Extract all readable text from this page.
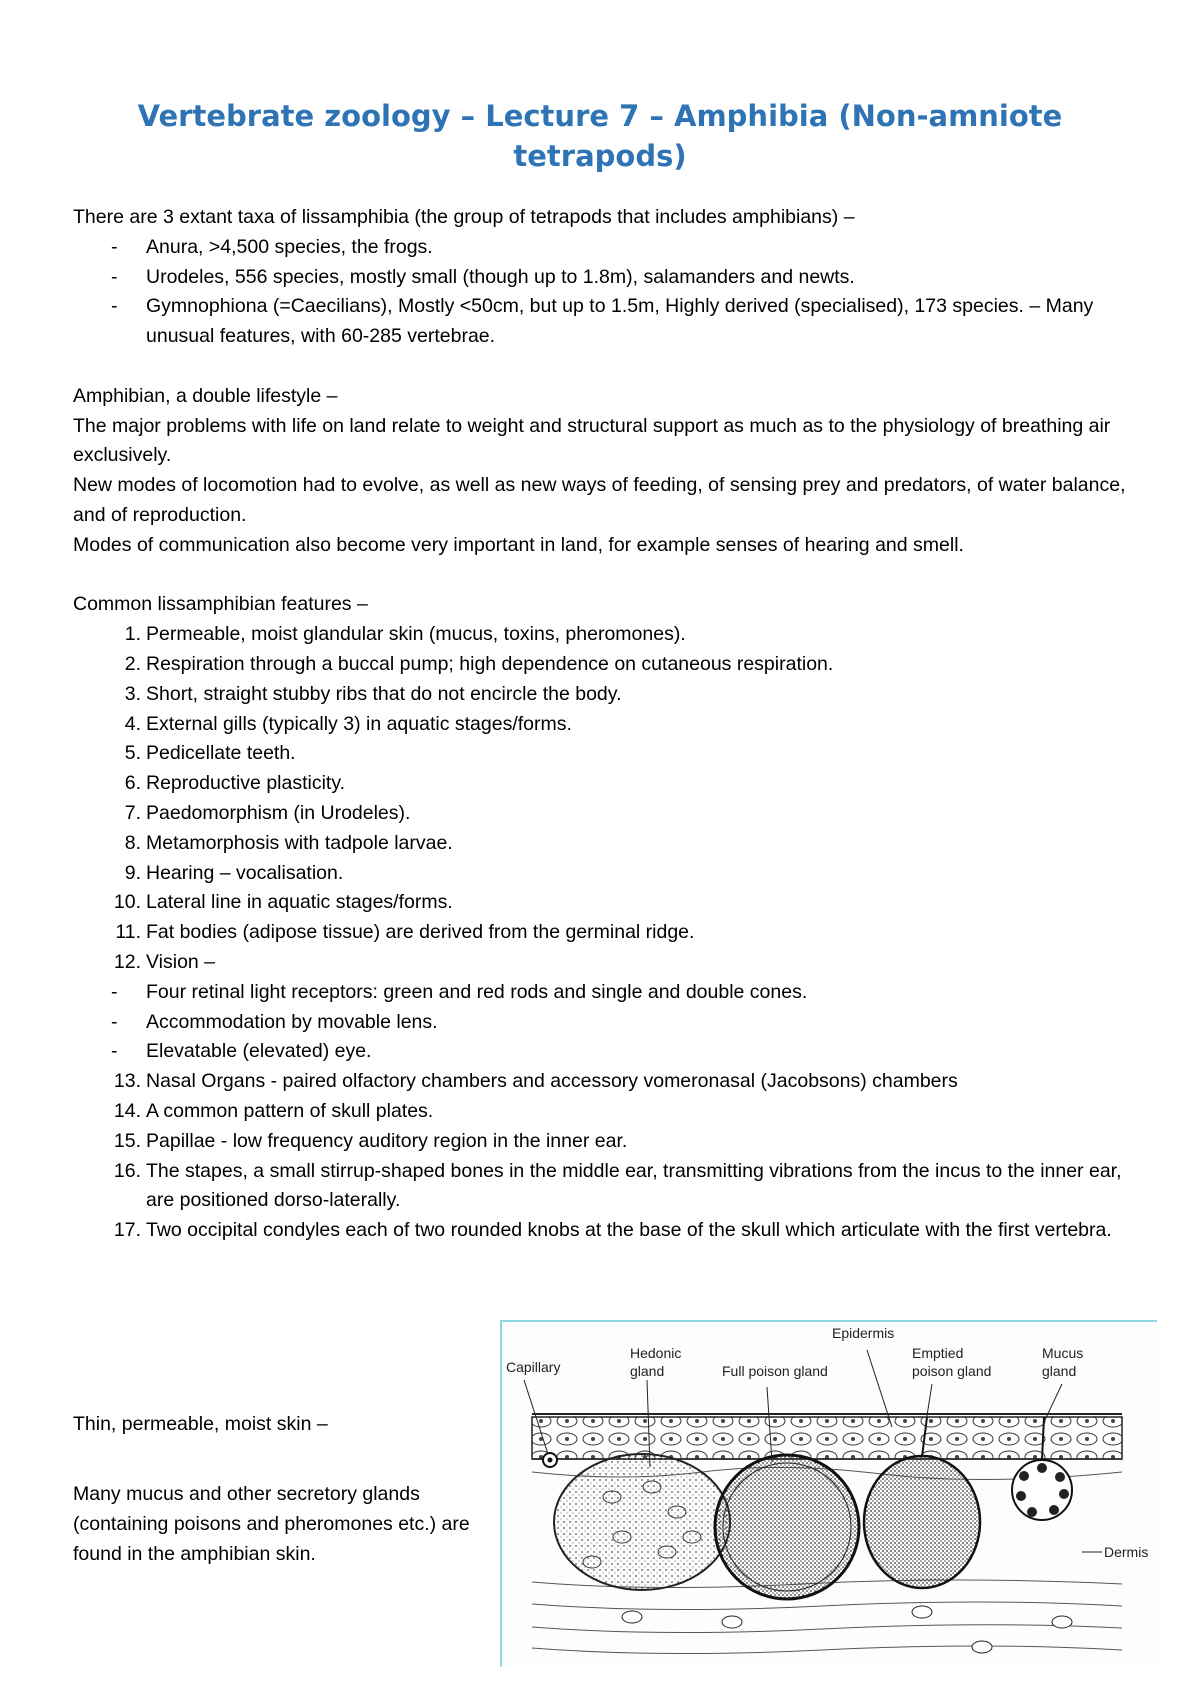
Vertebrate zoology – Lecture 7 – Amphibia (Non-amniote tetrapods)

There are 3 extant taxa of lissamphibia (the group of tetrapods that includes amphibians) –

-	Anura, >4,500 species, the frogs.

-	Urodeles, 556 species, mostly small (though up to 1.8m), salamanders and newts.

-	Gymnophiona (=Caecilians), Mostly <50cm, but up to 1.5m, Highly derived (specialised), 173 species. – Many unusual features, with 60-285 vertebrae.

Amphibian, a double lifestyle –

The major problems with life on land relate to weight and structural support as much as to the physiology of breathing air exclusively.

New modes of locomotion had to evolve, as well as new ways of feeding, of sensing prey and predators, of water balance, and of reproduction.

Modes of communication also become very important in land, for example senses of hearing and smell.

Common lissamphibian features –

1. Permeable, moist glandular skin (mucus, toxins, pheromones).

2. Respiration through a buccal pump; high dependence on cutaneous respiration.

3. Short, straight stubby ribs that do not encircle the body.

4. External gills (typically 3) in aquatic stages/forms.

5. Pedicellate teeth.

6. Reproductive plasticity.

7. Paedomorphism (in Urodeles).

8. Metamorphosis with tadpole larvae.

9. Hearing – vocalisation.

10. Lateral line in aquatic stages/forms.

11. Fat bodies (adipose tissue) are derived from the germinal ridge.

12. Vision –

-	Four retinal light receptors: green and red rods and single and double cones.

-	Accommodation by movable lens.

-	Elevatable (elevated) eye.

13. Nasal Organs - paired olfactory chambers and accessory vomeronasal (Jacobsons) chambers

14. A common pattern of skull plates.

15. Papillae - low frequency auditory region in the inner ear.

16. The stapes, a small stirrup-shaped bones in the middle ear, transmitting vibrations from the incus to the inner ear, are positioned dorso-laterally.

17. Two occipital condyles each of two rounded knobs at the base of the skull which articulate with the first vertebra.

Thin, permeable, moist skin –

Many mucus and other secretory glands (containing poisons and pheromones etc.) are found in the amphibian skin.

Epidermis
Hedonic
gland
Capillary	Full poison gland
Emptied
poison gland
Mucus
gland
Dermis
